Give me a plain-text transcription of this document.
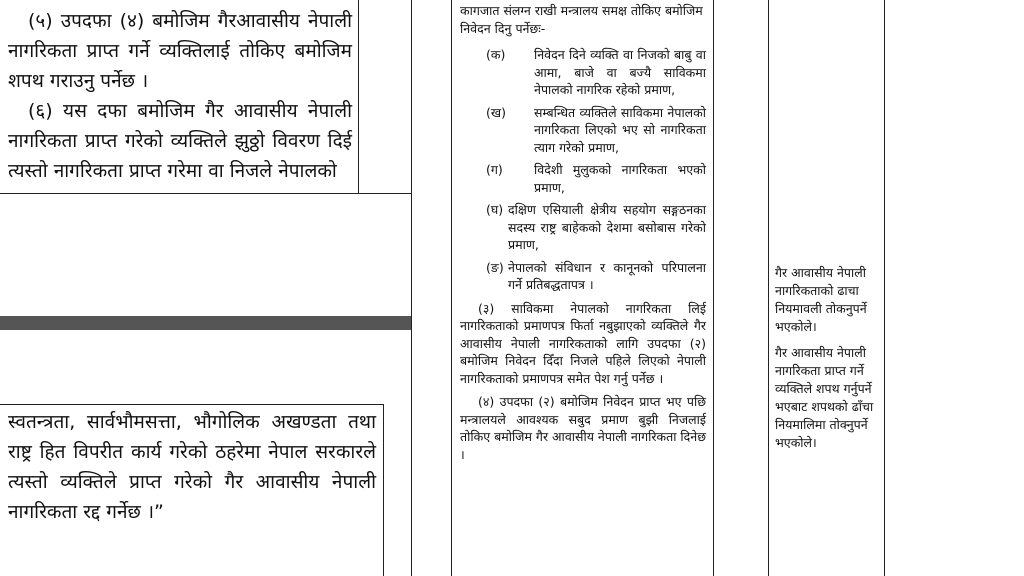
(५) उपदफा (४) बमोजिम गैरआवासीय नेपाली नागरिकता प्राप्त गर्ने व्यक्तिलाई तोकिए बमोजिम शपथ गराउनु पर्नेछ ।

(६) यस दफा बमोजिम गैर आवासीय नेपाली नागरिकता प्राप्त गरेको व्यक्तिले झुठ्ठो विवरण दिई त्यस्तो नागरिकता प्राप्त गरेमा वा निजले नेपालको

स्वतन्त्रता, सार्वभौमसत्ता, भौगोलिक अखण्डता तथा राष्ट्र हित विपरीत कार्य गरेको ठहरेमा नेपाल सरकारले त्यस्तो व्यक्तिले प्राप्त गरेको गैर आवासीय नेपाली नागरिकता रद्द गर्नेछ ।”

कागजात संलग्न राखी मन्त्रालय समक्ष तोकिए बमोजिम निवेदन दिनु पर्नेछः-

(क)	निवेदन दिने व्यक्ति वा निजको बाबु वा आमा, बाजे वा बज्यै साविकमा नेपालको नागरिक रहेको प्रमाण,
(ख)	सम्बन्धित व्यक्तिले साविकमा नेपालको नागरिकता लिएको भए सो नागरिकता त्याग गरेको प्रमाण,
(ग)	विदेशी मुलुकको नागरिकता भएको प्रमाण,
(घ) दक्षिण एसियाली क्षेत्रीय सहयोग सङ्गठनका सदस्य राष्ट्र बाहेकको देशमा बसोबास गरेको प्रमाण,
(ङ) नेपालको संविधान र कानूनको परिपालना गर्ने प्रतिबद्धतापत्र ।

(३) साविकमा नेपालको नागरिकता लिई नागरिकताको प्रमाणपत्र फिर्ता नबुझाएको व्यक्तिले गैर आवासीय नेपाली नागरिकताको लागि उपदफा (२) बमोजिम निवेदन दिँदा निजले पहिले लिएको नेपाली नागरिकताको प्रमाणपत्र समेत पेश गर्नु पर्नेछ ।

(४) उपदफा (२) बमोजिम निवेदन प्राप्त भए पछि मन्त्रालयले आवश्यक सबुद प्रमाण बुझी निजलाई तोकिए बमोजिम गैर आवासीय नेपाली नागरिकता दिनेछ ।

गैर आवासीय नेपाली नागरिकताको ढाचा नियमावली तोकनुपर्ने भएकोले।

गैर आवासीय नेपाली नागरिकता प्राप्त गर्ने व्यक्तिले शपथ गर्नुपर्ने भएबाट शपथको ढाँचा नियमालिमा तोक्नुपर्ने भएकोले।
